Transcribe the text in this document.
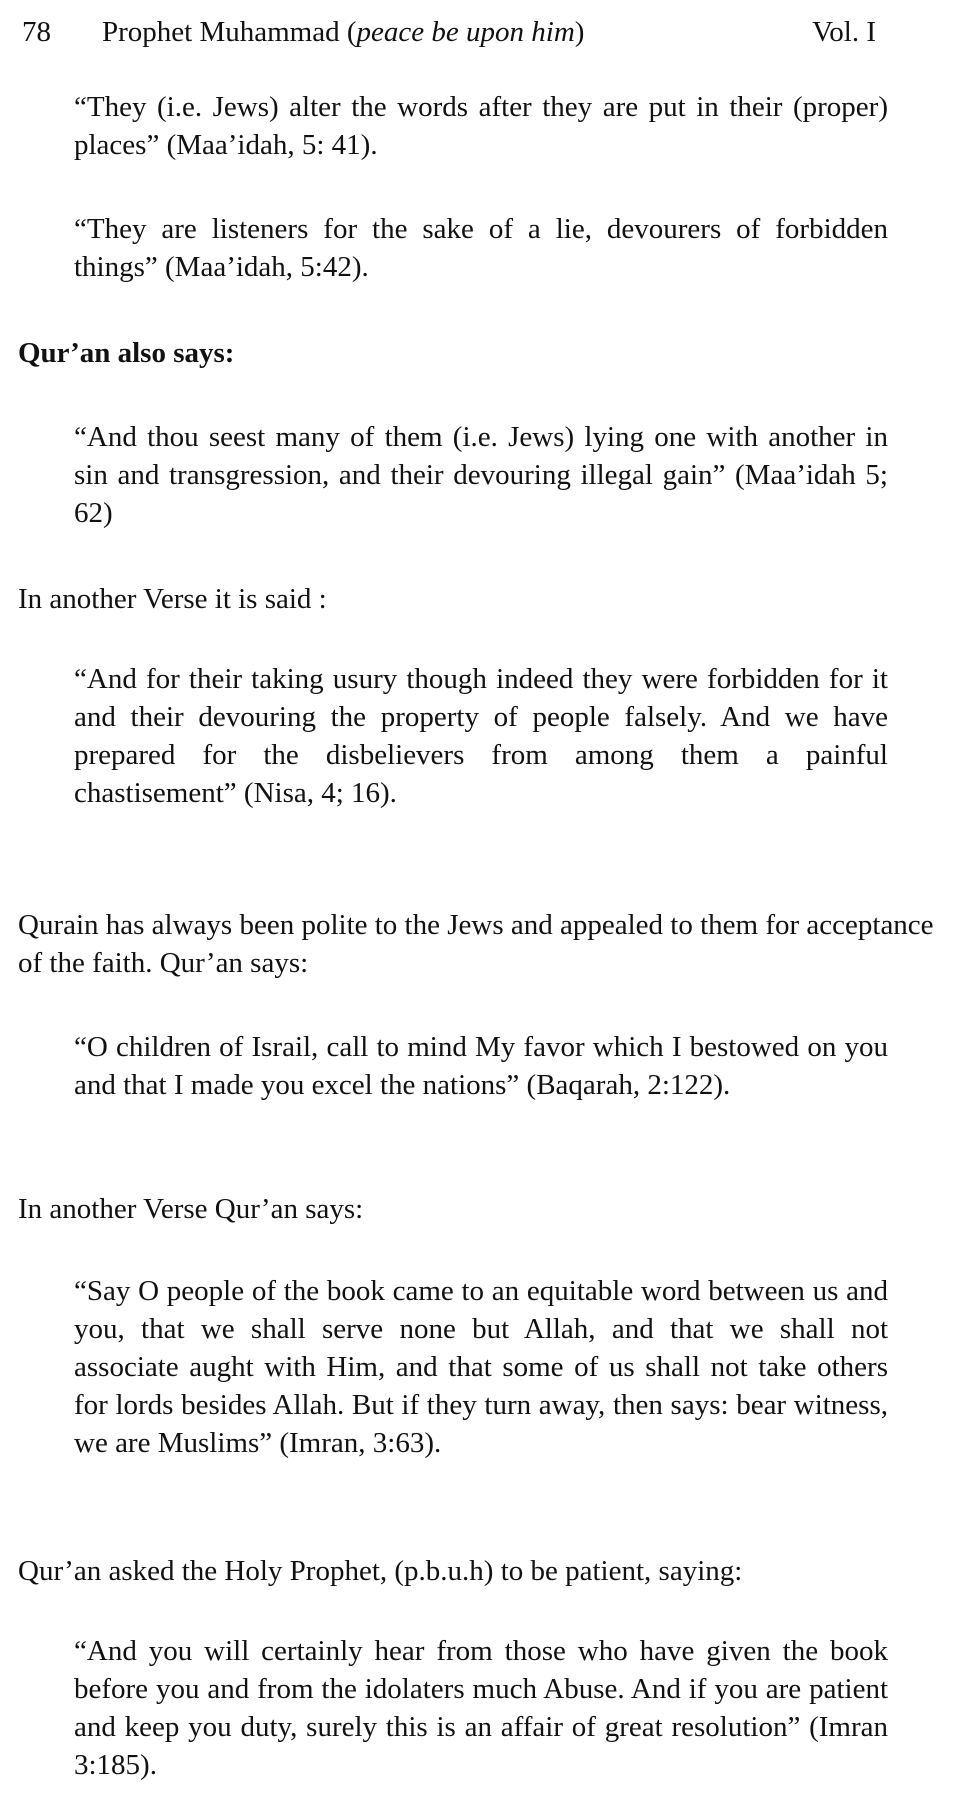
78 Prophet Muhammad (peace be upon him)	Vol. I

“They (i.e. Jews) alter the words after they are put in their (proper) places” (Maa’idah, 5: 41).

“They are listeners for the sake of a lie, devourers of forbidden things” (Maa’idah, 5:42).

Qur’an also says:

“And thou seest many of them (i.e. Jews) lying one with another in sin and transgression, and their devouring illegal gain” (Maa’idah 5; 62)

In another Verse it is said :

“And for their taking usury though indeed they were forbidden for it and their devouring the property of people falsely. And we have prepared for the disbelievers from among them a painful chastisement” (Nisa, 4; 16).

Qurain has always been polite to the Jews and appealed to them for acceptance of the faith. Qur’an says:

“O children of Israil, call to mind My favor which I bestowed on you and that I made you excel the nations” (Baqarah, 2:122).

In another Verse Qur’an says:

“Say O people of the book came to an equitable word between us and you, that we shall serve none but Allah, and that we shall not associate aught with Him, and that some of us shall not take others for lords besides Allah. But if they turn away, then says: bear witness, we are Muslims” (Imran, 3:63).

Qur’an asked the Holy Prophet, (p.b.u.h) to be patient, saying:

“And you will certainly hear from those who have given the book before you and from the idolaters much Abuse. And if you are patient and keep you duty, surely this is an affair of great resolution” (Imran 3:185).
